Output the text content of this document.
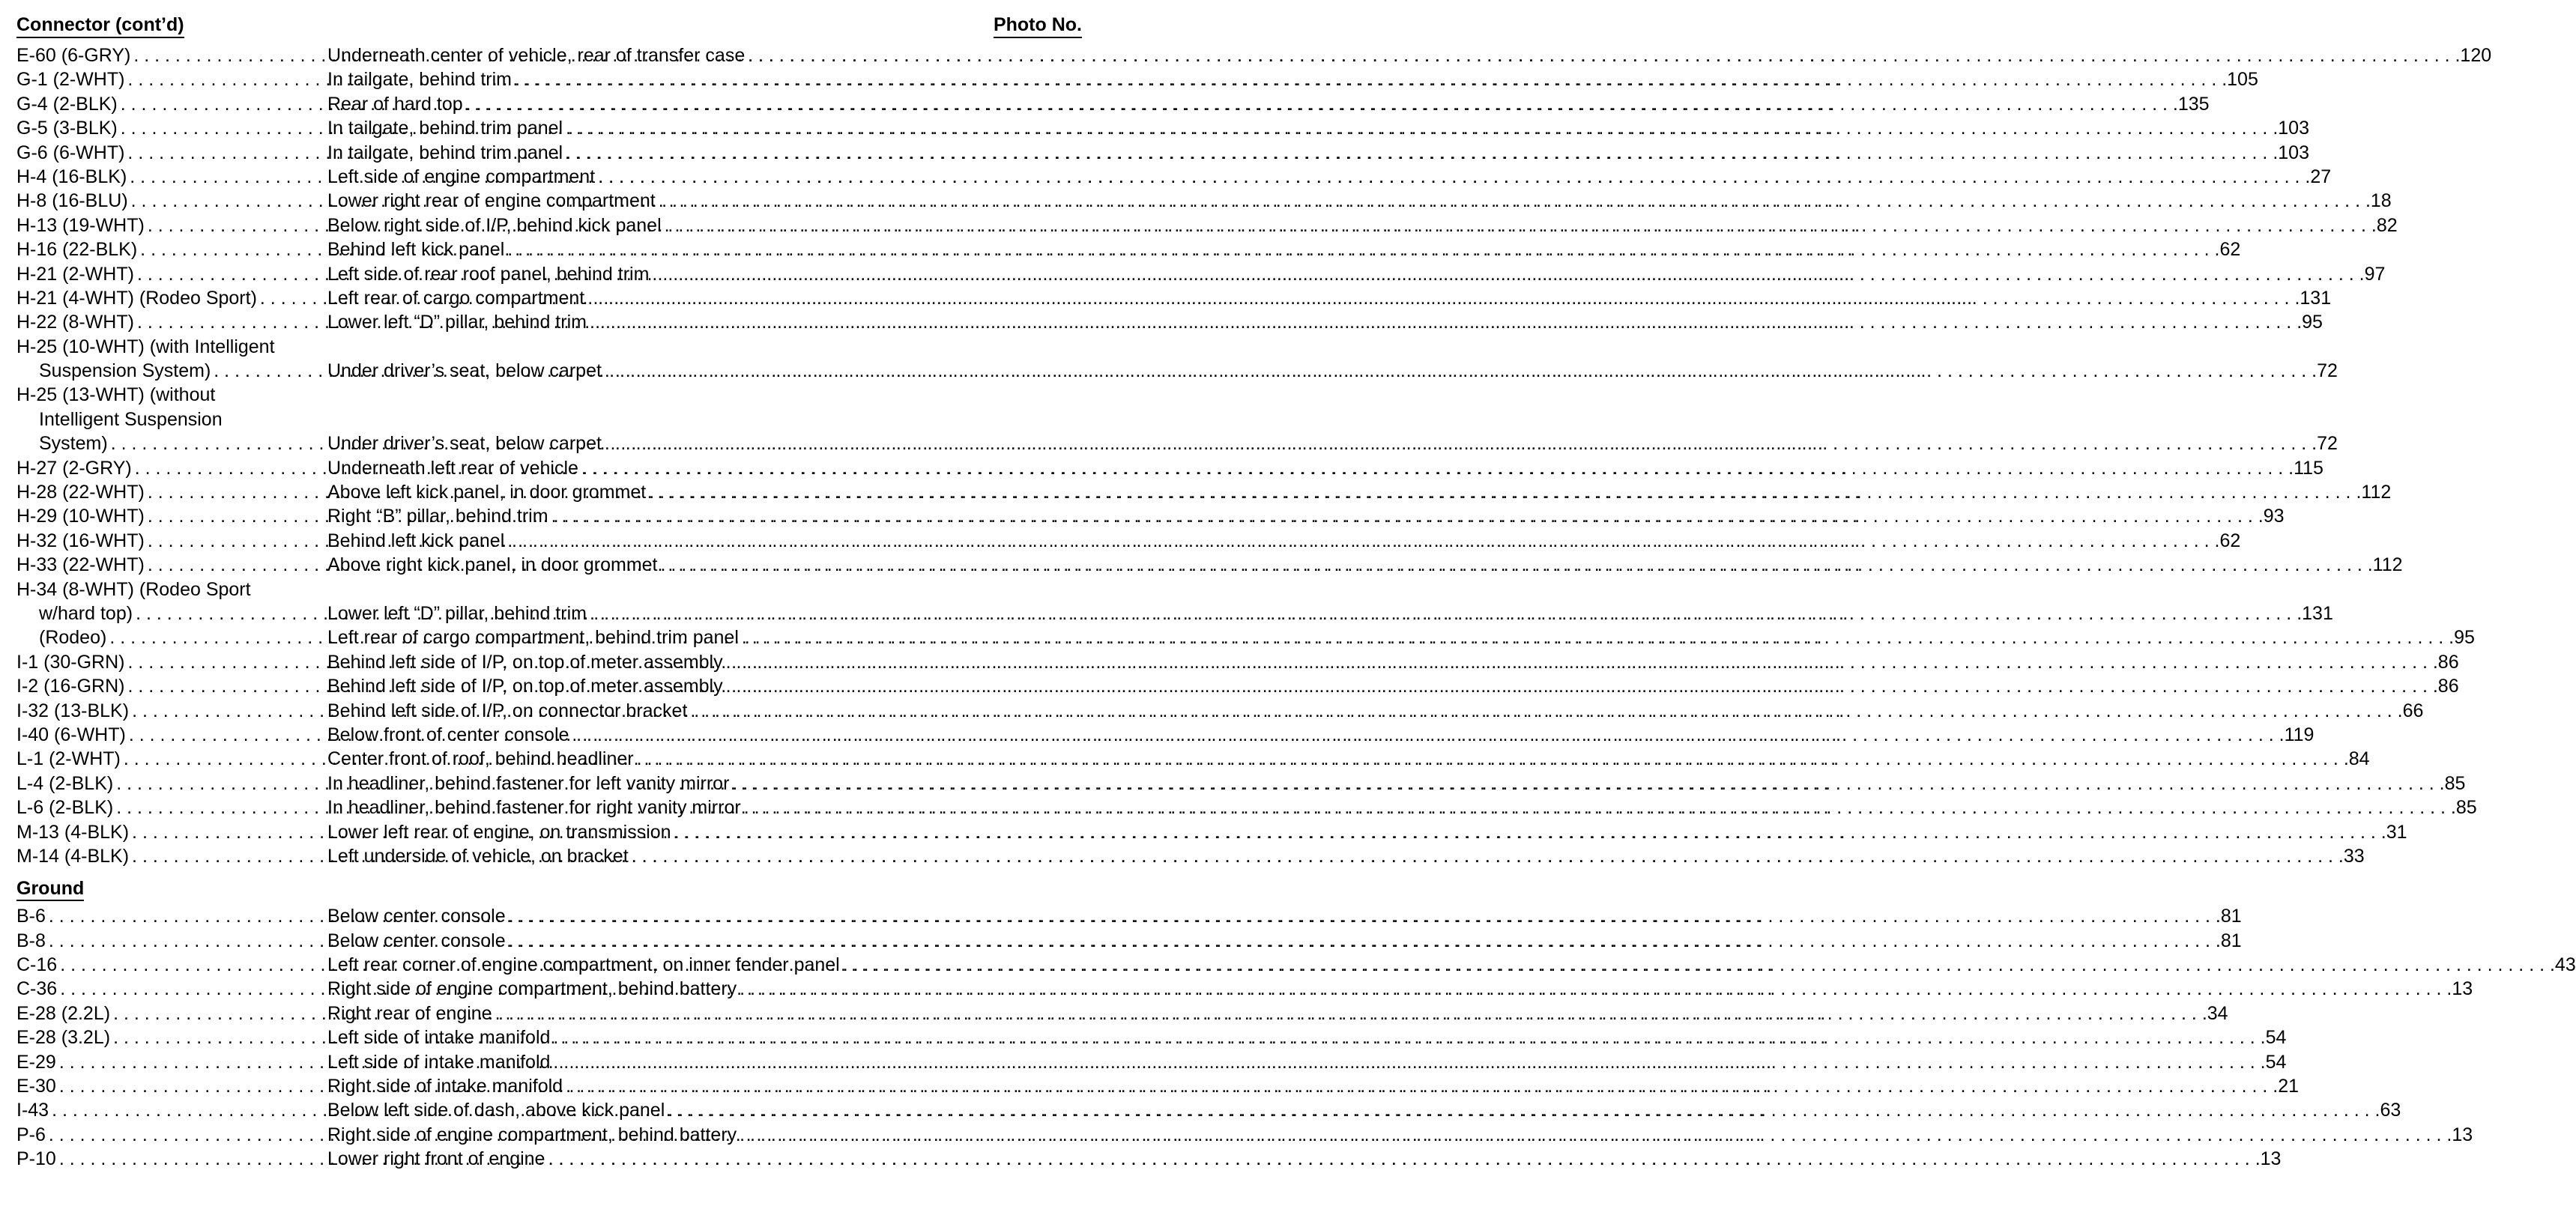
Connector (cont’d)	Photo No.
E-60 (6-GRY) . . .	Underneath center of vehicle, rear of transfer case . . .	120
G-1 (2-WHT) . . .	In tailgate, behind trim . . .	105
G-4 (2-BLK) . . .	Rear of hard top . . .	135
G-5 (3-BLK) . . .	In tailgate, behind trim panel . . .	103
G-6 (6-WHT) . . .	In tailgate, behind trim panel . . .	103
H-4 (16-BLK) . . .	Left side of engine compartment . . .	27
H-8 (16-BLU) . . .	Lower right rear of engine compartment . . .	18
H-13 (19-WHT) . . .	Below right side of I/P, behind kick panel . . .	82
H-16 (22-BLK) . . .	Behind left kick panel . . .	62
H-21 (2-WHT) . . .	Left side of rear roof panel, behind trim . . .	97
H-21 (4-WHT) (Rodeo Sport) . . .	Left rear of cargo compartment . . .	131
H-22 (8-WHT) . . .	Lower left “D” pillar, behind trim . . .	95
H-25 (10-WHT) (with Intelligent
Suspension System) . . .	Under driver’s seat, below carpet . . .	72
H-25 (13-WHT) (without
Intelligent Suspension
System) . . .	Under driver’s seat, below carpet . . .	72
H-27 (2-GRY) . . .	Underneath left rear of vehicle . . .	115
H-28 (22-WHT) . . .	Above left kick panel, in door grommet . . .	112
H-29 (10-WHT) . . .	Right “B” pillar, behind trim . . .	93
H-32 (16-WHT) . . .	Behind left kick panel . . .	62
H-33 (22-WHT) . . .	Above right kick panel, in door grommet . . .	112
H-34 (8-WHT) (Rodeo Sport
w/hard top) . . .	Lower left “D” pillar, behind trim . . .	131
(Rodeo) . . .	Left rear of cargo compartment, behind trim panel . . .	95
I-1 (30-GRN) . . .	Behind left side of I/P, on top of meter assembly . . .	86
I-2 (16-GRN) . . .	Behind left side of I/P, on top of meter assembly . . .	86
I-32 (13-BLK) . . .	Behind left side of I/P, on connector bracket . . .	66
I-40 (6-WHT) . . .	Below front of center console . . .	119
L-1 (2-WHT) . . .	Center front of roof, behind headliner . . .	84
L-4 (2-BLK) . . .	In headliner, behind fastener for left vanity mirror . . .	85
L-6 (2-BLK) . . .	In headliner, behind fastener for right vanity mirror . . .	85
M-13 (4-BLK) . . .	Lower left rear of engine, on transmission . . .	31
M-14 (4-BLK) . . .	Left underside of vehicle, on bracket . . .	33
Ground
B-6 . . .	Below center console . . .	81
B-8 . . .	Below center console . . .	81
C-16 . . .	Left rear corner of engine compartment, on inner fender panel . . .	43
C-36 . . .	Right side of engine compartment, behind battery . . .	13
E-28 (2.2L) . . .	Right rear of engine . . .	34
E-28 (3.2L) . . .	Left side of intake manifold . . .	54
E-29 . . .	Left side of intake manifold . . .	54
E-30 . . .	Right side of intake manifold . . .	21
I-43 . . .	Below left side of dash, above kick panel . . .	63
P-6 . . .	Right side of engine compartment, behind battery . . .	13
P-10 . . .	Lower right front of engine . . .	13
